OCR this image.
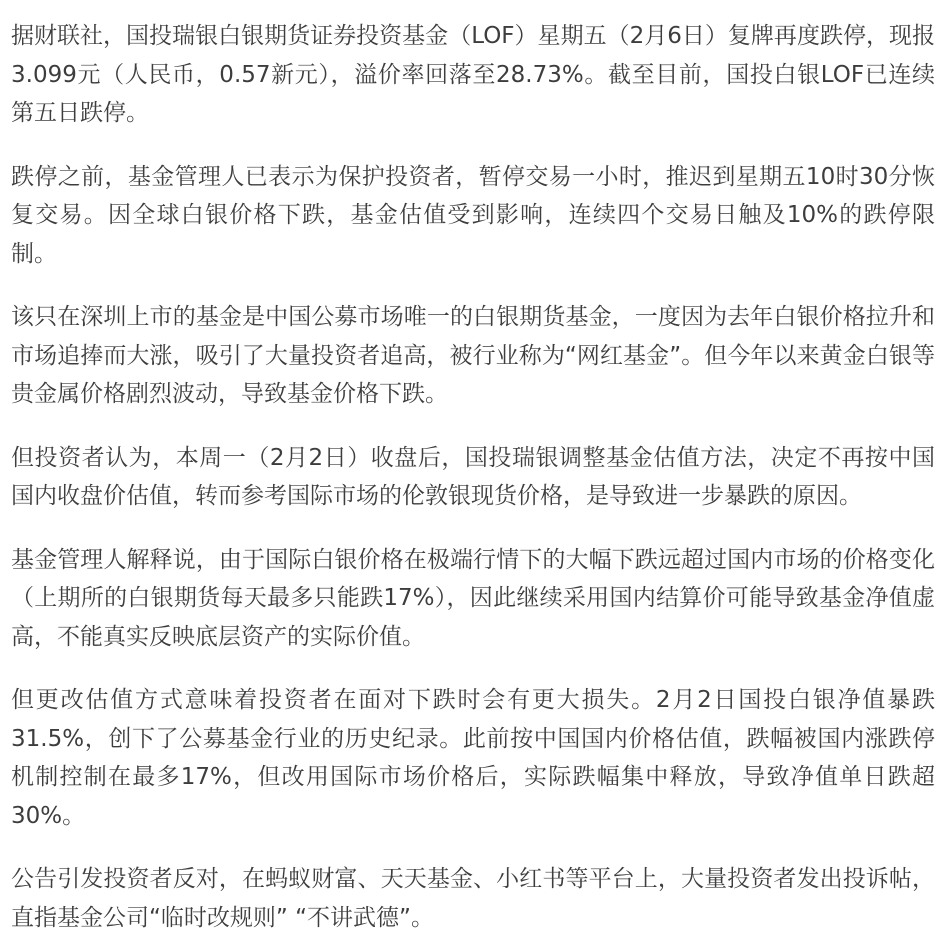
据财联社，国投瑞银白银期货证券投资基金（LOF）星期五（2月6日）复牌再度跌停，现报3.099元（人民币，0.57新元），溢价率回落至28.73%。截至目前，国投白银LOF已连续第五日跌停。

跌停之前，基金管理人已表示为保护投资者，暂停交易一小时，推迟到星期五10时30分恢复交易。因全球白银价格下跌，基金估值受到影响，连续四个交易日触及10%的跌停限制。

该只在深圳上市的基金是中国公募市场唯一的白银期货基金，一度因为去年白银价格拉升和市场追捧而大涨，吸引了大量投资者追高，被行业称为“网红基金”。但今年以来黄金白银等贵金属价格剧烈波动，导致基金价格下跌。

但投资者认为，本周一（2月2日）收盘后，国投瑞银调整基金估值方法，决定不再按中国国内收盘价估值，转而参考国际市场的伦敦银现货价格，是导致进一步暴跌的原因。

基金管理人解释说，由于国际白银价格在极端行情下的大幅下跌远超过国内市场的价格变化（上期所的白银期货每天最多只能跌17%），因此继续采用国内结算价可能导致基金净值虚高，不能真实反映底层资产的实际价值。

但更改估值方式意味着投资者在面对下跌时会有更大损失。2月2日国投白银净值暴跌31.5%，创下了公募基金行业的历史纪录。此前按中国国内价格估值，跌幅被国内涨跌停机制控制在最多17%，但改用国际市场价格后，实际跌幅集中释放，导致净值单日跌超30%。

公告引发投资者反对，在蚂蚁财富、天天基金、小红书等平台上，大量投资者发出投诉帖，直指基金公司“临时改规则” “不讲武德”。
